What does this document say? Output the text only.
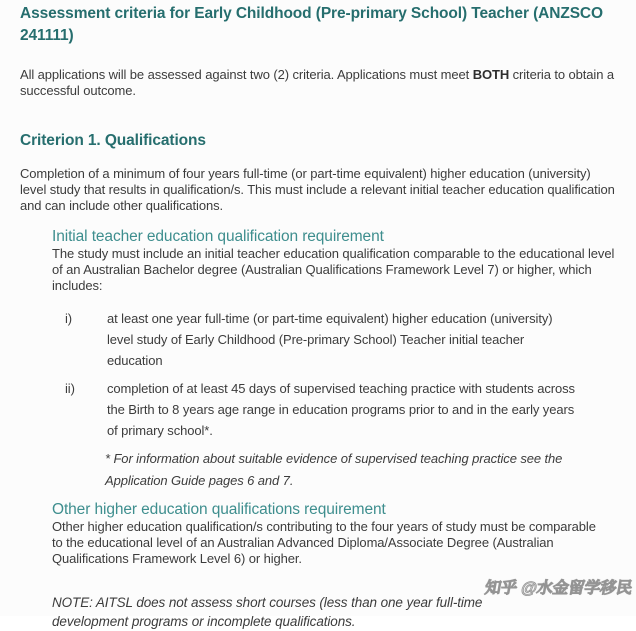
Assessment criteria for Early Childhood (Pre-primary School) Teacher (ANZSCO 241111)

All applications will be assessed against two (2) criteria. Applications must meet BOTH criteria to obtain a successful outcome.

Criterion 1. Qualifications

Completion of a minimum of four years full-time (or part-time equivalent) higher education (university) level study that results in qualification/s. This must include a relevant initial teacher education qualification and can include other qualifications.

Initial teacher education qualification requirement

The study must include an initial teacher education qualification comparable to the educational level of an Australian Bachelor degree (Australian Qualifications Framework Level 7) or higher, which includes:

i)	at least one year full-time (or part-time equivalent) higher education (university) level study of Early Childhood (Pre-primary School) Teacher initial teacher education
ii)	completion of at least 45 days of supervised teaching practice with students across the Birth to 8 years age range in education programs prior to and in the early years of primary school*.

* For information about suitable evidence of supervised teaching practice see the Application Guide pages 6 and 7.

Other higher education qualifications requirement

Other higher education qualification/s contributing to the four years of study must be comparable to the educational level of an Australian Advanced Diploma/Associate Degree (Australian Qualifications Framework Level 6) or higher.

NOTE: AITSL does not assess short courses (less than one year full-time
development programs or incomplete qualifications.
知乎 @水金留学移民
